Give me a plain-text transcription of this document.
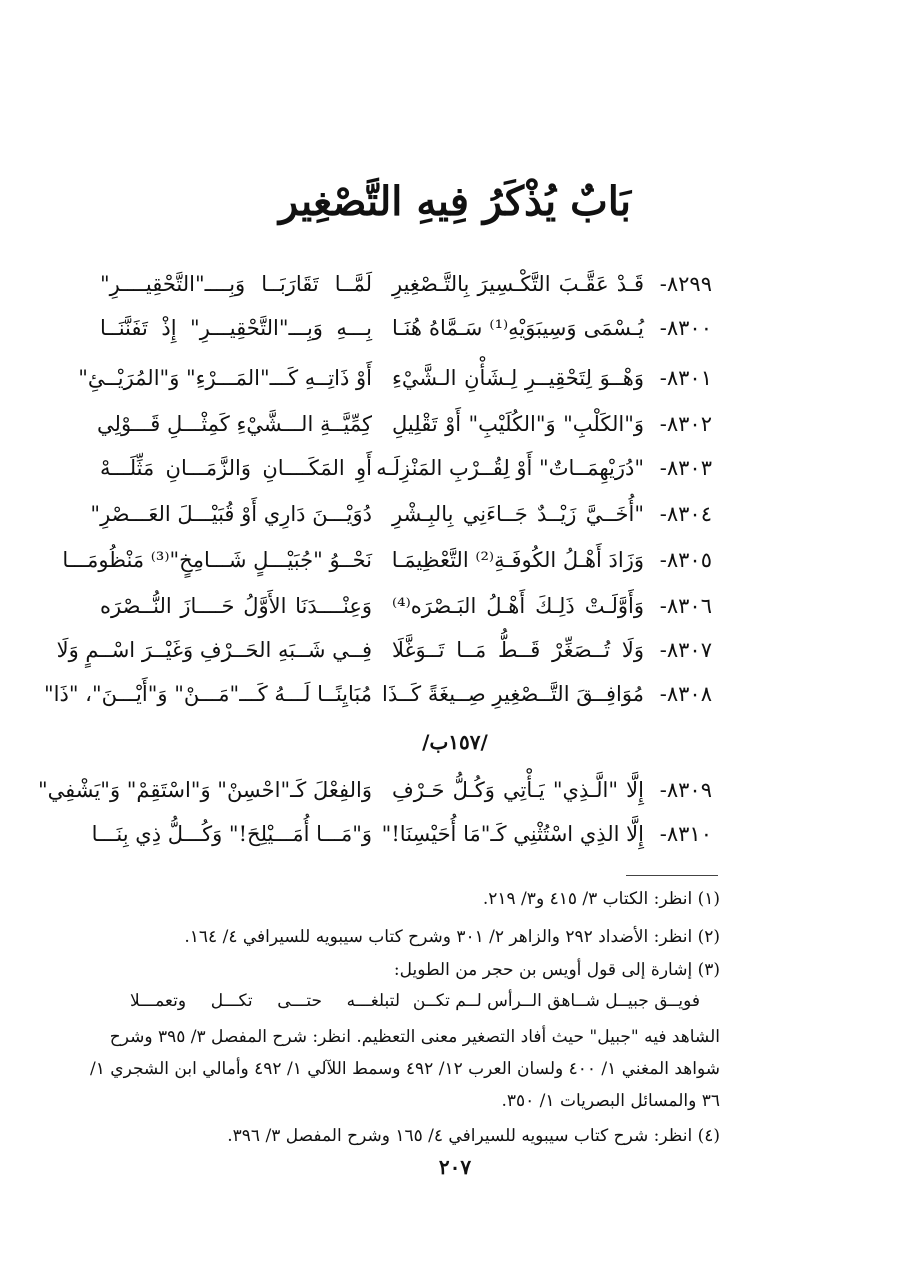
بَابٌ يُذْكَرُ فِيهِ التَّصْغِير
٨٢٩٩-
قَـدْ عَقَّـبَ التَّكْـسِيرَ بِالتَّـصْغِيرِ
لَمَّــا تَقَارَبَــا وَبِــــ"التَّحْقِيــــرِ"
٨٣٠٠-
يُـسْمَى وَسِيبَوَيْهِ⁽¹⁾ سَـمَّاهُ هُنَـا
بِـــهِ وَبِـــ"التَّحْقِيـــرِ" إِذْ تَفَنَّنَــا
٨٣٠١-
وَهْــوَ لِتَحْقِيــرِ لِـشَأْنِ الـشَّيْءِ
أَوْ ذَاتِــهِ كَـــ"المَـــرْءِ" وَ"المُرَيْــئِ"
٨٣٠٢-
وَ"الكَلْبِ" وَ"الكُلَيْبِ" أَوْ تَقْلِيلِ
كِمِّيَّــةِ الـــشَّيْءِ كَمِثْـــلِ قَـــوْلِي
٨٣٠٣-
"دُرَيْهِمَــاتٌ" أَوْ لِقُــرْبِ المَنْزِلَـه
أَوِ المَكَــــانِ وَالزَّمَـــانِ مَثِّلَـــهْ
٨٣٠٤-
"أُخَــيَّ زَيْــدٌ جَــاءَنِي بِالبِـشْرِ
دُوَيْـــنَ دَارِي أَوْ قُبَيْـــلَ العَـــصْرِ"
٨٣٠٥-
وَزَادَ أَهْـلُ الكُوفَـةِ⁽²⁾ التَّعْظِيمَـا
نَحْــوُ "جُبَيْـــلٍ شَـــامِخٍ"⁽³⁾ مَنْظُومَـــا
٨٣٠٦-
وَأَوَّلَـتْ ذَلِـكَ أَهْـلُ البَـصْرَه⁽⁴⁾
وَعِنْــــدَنَا الأَوَّلُ حَــــازَ النُّــصْرَه
٨٣٠٧-
وَلَا تُــصَغِّرْ قَــطُّ مَــا تَــوَغَّلَا
فِــي شَــبَهِ الحَــرْفِ وَغَيْــرَ اسْــمٍ وَلَا
٨٣٠٨-
مُوَافِــقَ التَّــصْغِيرِ صِــيغَةً كَــذَا
مُبَايِنًــا لَـــهُ كَـــ"مَـــنْ" وَ"أَيْـــنَ"، "ذَا"
/١٥٧ب/
٨٣٠٩-
إِلَّا "الَّـذِي" يَـأْتِي وَكُـلُّ حَـرْفِ
وَالفِعْلَ كَـ"احْسِنْ" وَ"اسْتَقِمْ" وَ"يَشْفِي"
٨٣١٠-
إِلَّا الذِي اسْتُثْنِي كَـ"مَا أُحَيْسِنَا!"
وَ"مَـــا أُمَـــيْلِحَ!" وَكُـــلُّ ذِي بِنَـــا
(١) انظر: الكتاب ٣/ ٤١٥ و٣/ ٢١٩.
(٢) انظر: الأضداد ٢٩٢ والزاهر ٢/ ٣٠١ وشرح كتاب سيبويه للسيرافي ٤/ ١٦٤.
(٣) إشارة إلى قول أويس بن حجر من الطويل:
فويــق جبيــل شــاهق الــرأس لــم تكــن
لتبلغـــه حتـــى تكـــل وتعمـــلا
الشاهد فيه "جبيل" حيث أفاد التصغير معنى التعظيم. انظر: شرح المفصل ٣/ ٣٩٥ وشرح
شواهد المغني ١/ ٤٠٠ ولسان العرب ١٢/ ٤٩٢ وسمط اللآلي ١/ ٤٩٢ وأمالي ابن الشجري ١/
٣٦ والمسائل البصريات ١/ ٣٥٠.
(٤) انظر: شرح كتاب سيبويه للسيرافي ٤/ ١٦٥ وشرح المفصل ٣/ ٣٩٦.
٢٠٧
